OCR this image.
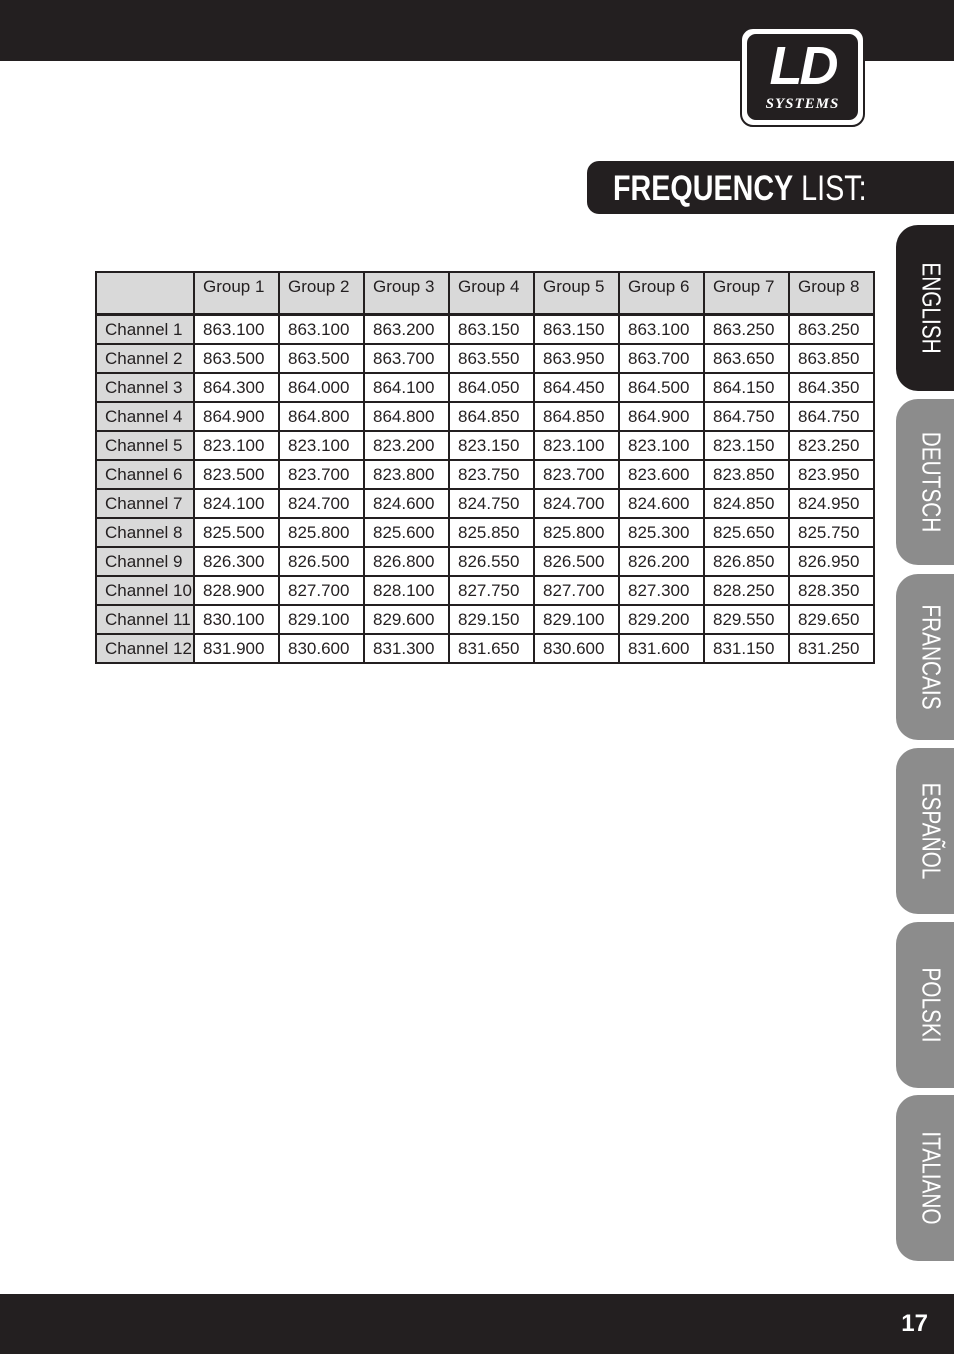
LD
SYSTEMS
FREQUENCY LIST:
	Group 1	Group 2	Group 3	Group 4	Group 5	Group 6	Group 7	Group 8
Channel 1	863.100	863.100	863.200	863.150	863.150	863.100	863.250	863.250
Channel 2	863.500	863.500	863.700	863.550	863.950	863.700	863.650	863.850
Channel 3	864.300	864.000	864.100	864.050	864.450	864.500	864.150	864.350
Channel 4	864.900	864.800	864.800	864.850	864.850	864.900	864.750	864.750
Channel 5	823.100	823.100	823.200	823.150	823.100	823.100	823.150	823.250
Channel 6	823.500	823.700	823.800	823.750	823.700	823.600	823.850	823.950
Channel 7	824.100	824.700	824.600	824.750	824.700	824.600	824.850	824.950
Channel 8	825.500	825.800	825.600	825.850	825.800	825.300	825.650	825.750
Channel 9	826.300	826.500	826.800	826.550	826.500	826.200	826.850	826.950
Channel 10	828.900	827.700	828.100	827.750	827.700	827.300	828.250	828.350
Channel 11	830.100	829.100	829.600	829.150	829.100	829.200	829.550	829.650
Channel 12	831.900	830.600	831.300	831.650	830.600	831.600	831.150	831.250
ENGLISH
DEUTSCH
FRANCAIS
ESPAÑOL
POLSKI
ITALIANO
17
